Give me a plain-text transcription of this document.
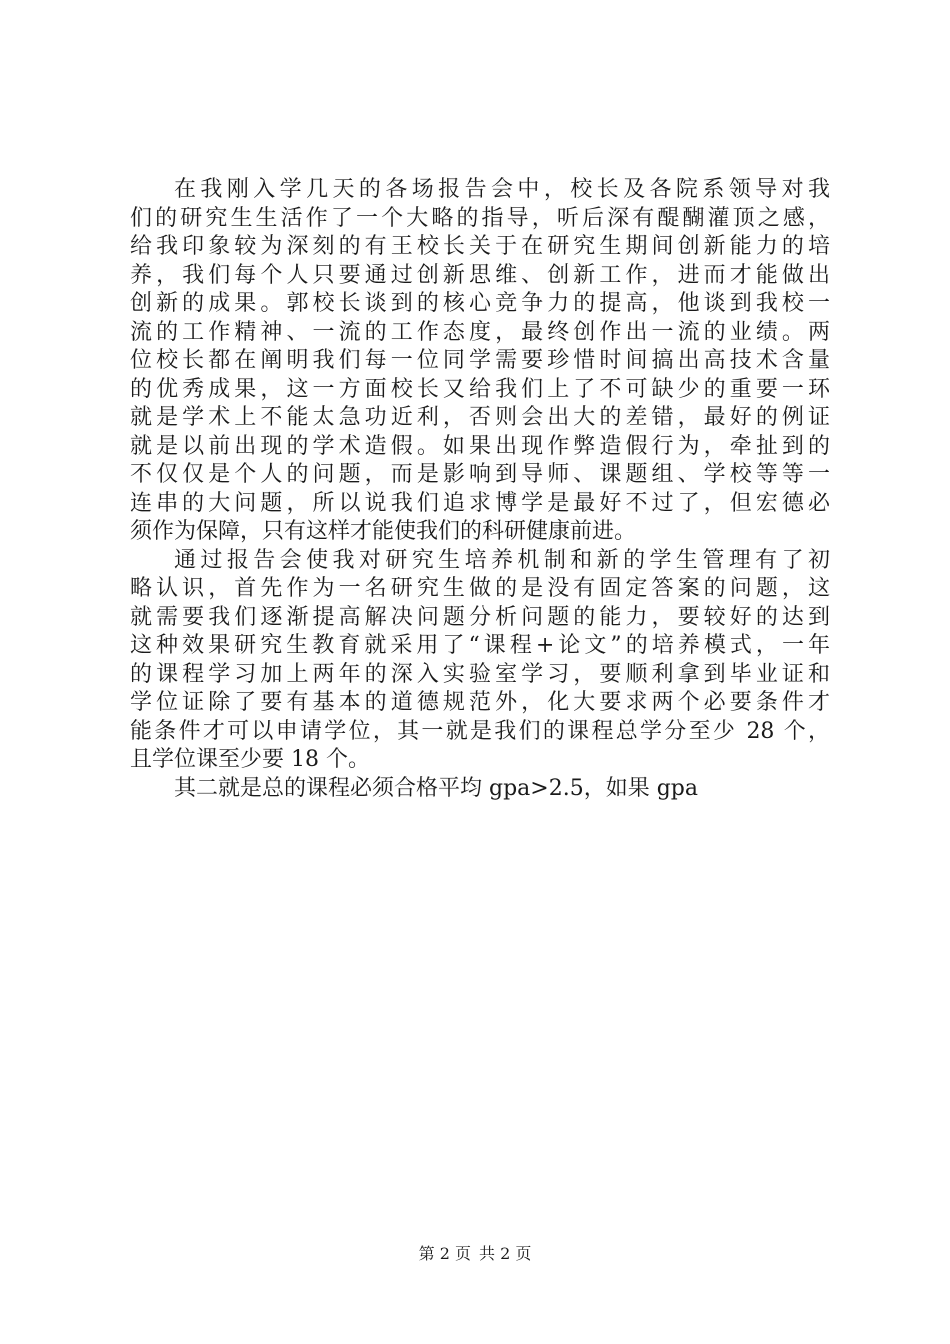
在我刚入学几天的各场报告会中，校长及各院系领导对我
们的研究生生活作了一个大略的指导，听后深有醍醐灌顶之感，
给我印象较为深刻的有王校长关于在研究生期间创新能力的培
养，我们每个人只要通过创新思维、创新工作，进而才能做出
创新的成果。郭校长谈到的核心竞争力的提高，他谈到我校一
流的工作精神、一流的工作态度，最终创作出一流的业绩。两
位校长都在阐明我们每一位同学需要珍惜时间搞出高技术含量
的优秀成果，这一方面校长又给我们上了不可缺少的重要一环
就是学术上不能太急功近利，否则会出大的差错，最好的例证
就是以前出现的学术造假。如果出现作弊造假行为，牵扯到的
不仅仅是个人的问题，而是影响到导师、课题组、学校等等一
连串的大问题，所以说我们追求博学是最好不过了，但宏德必
须作为保障，只有这样才能使我们的科研健康前进。
通过报告会使我对研究生培养机制和新的学生管理有了初
略认识，首先作为一名研究生做的是没有固定答案的问题，这
就需要我们逐渐提高解决问题分析问题的能力，要较好的达到
这种效果研究生教育就采用了“课程+论文”的培养模式，一年
的课程学习加上两年的深入实验室学习，要顺利拿到毕业证和
学位证除了要有基本的道德规范外，化大要求两个必要条件才
能条件才可以申请学位，其一就是我们的课程总学分至少 28 个，
且学位课至少要 18 个。
其二就是总的课程必须合格平均 gpa>2.5，如果 gpa
第 2 页 共 2 页
